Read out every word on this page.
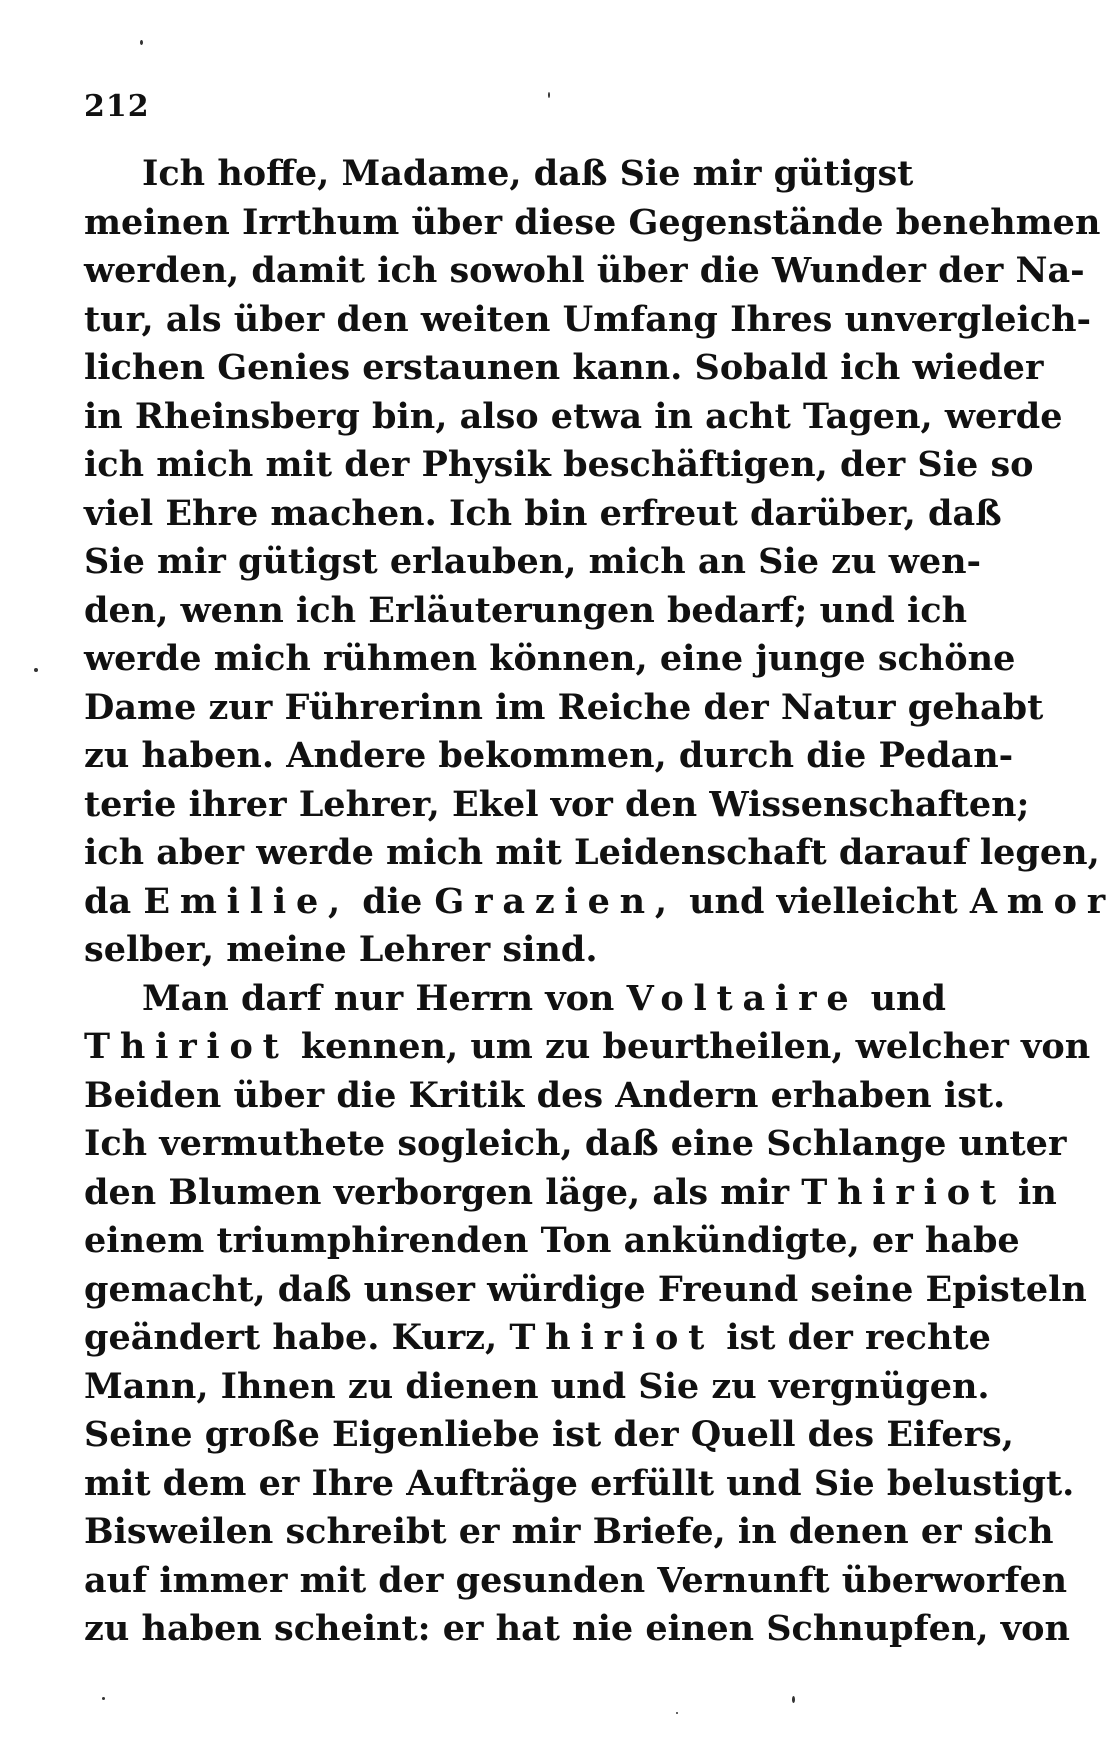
212
Ich hoffe, Madame, daß Sie mir gütigst
meinen Irrthum über diese Gegenstände benehmen
werden, damit ich sowohl über die Wunder der Na-
tur, als über den weiten Umfang Ihres unvergleich-
lichen Genies erstaunen kann. Sobald ich wieder
in Rheinsberg bin, also etwa in acht Tagen, werde
ich mich mit der Physik beschäftigen, der Sie so
viel Ehre machen. Ich bin erfreut darüber, daß
Sie mir gütigst erlauben, mich an Sie zu wen-
den, wenn ich Erläuterungen bedarf; und ich
werde mich rühmen können, eine junge schöne
Dame zur Führerinn im Reiche der Natur gehabt
zu haben. Andere bekommen, durch die Pedan-
terie ihrer Lehrer, Ekel vor den Wissenschaften;
ich aber werde mich mit Leidenschaft darauf legen,
da Emilie, die Grazien, und vielleicht Amor
selber, meine Lehrer sind.
Man darf nur Herrn von Voltaire und
Thiriot kennen, um zu beurtheilen, welcher von
Beiden über die Kritik des Andern erhaben ist.
Ich vermuthete sogleich, daß eine Schlange unter
den Blumen verborgen läge, als mir Thiriot in
einem triumphirenden Ton ankündigte, er habe
gemacht, daß unser würdige Freund seine Episteln
geändert habe. Kurz, Thiriot ist der rechte
Mann, Ihnen zu dienen und Sie zu vergnügen.
Seine große Eigenliebe ist der Quell des Eifers,
mit dem er Ihre Aufträge erfüllt und Sie belustigt.
Bisweilen schreibt er mir Briefe, in denen er sich
auf immer mit der gesunden Vernunft überworfen
zu haben scheint: er hat nie einen Schnupfen, von
